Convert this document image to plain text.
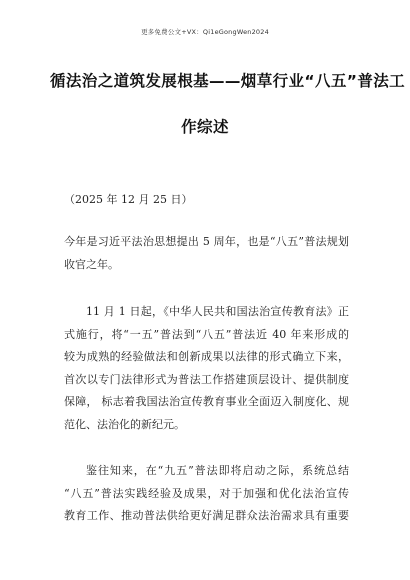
更多免费公文+VX：Qi1eGongWen2024
循法治之道筑发展根基——烟草行业“八五”普法工
作综述
（2025 年 12 月 25 日）
今年是习近平法治思想提出 5 周年，也是“八五”普法规划
收官之年。
11 月 1 日起，《中华人民共和国法治宣传教育法》正
式施行，将“一五”普法到“八五”普法近 40 年来形成的
较为成熟的经验做法和创新成果以法律的形式确立下来，
首次以专门法律形式为普法工作搭建顶层设计、提供制度
保障， 标志着我国法治宣传教育事业全面迈入制度化、规
范化、法治化的新纪元。
鉴往知来，在“九五”普法即将启动之际，系统总结
“八五”普法实践经验及成果，对于加强和优化法治宣传
教育工作、推动普法供给更好满足群众法治需求具有重要
